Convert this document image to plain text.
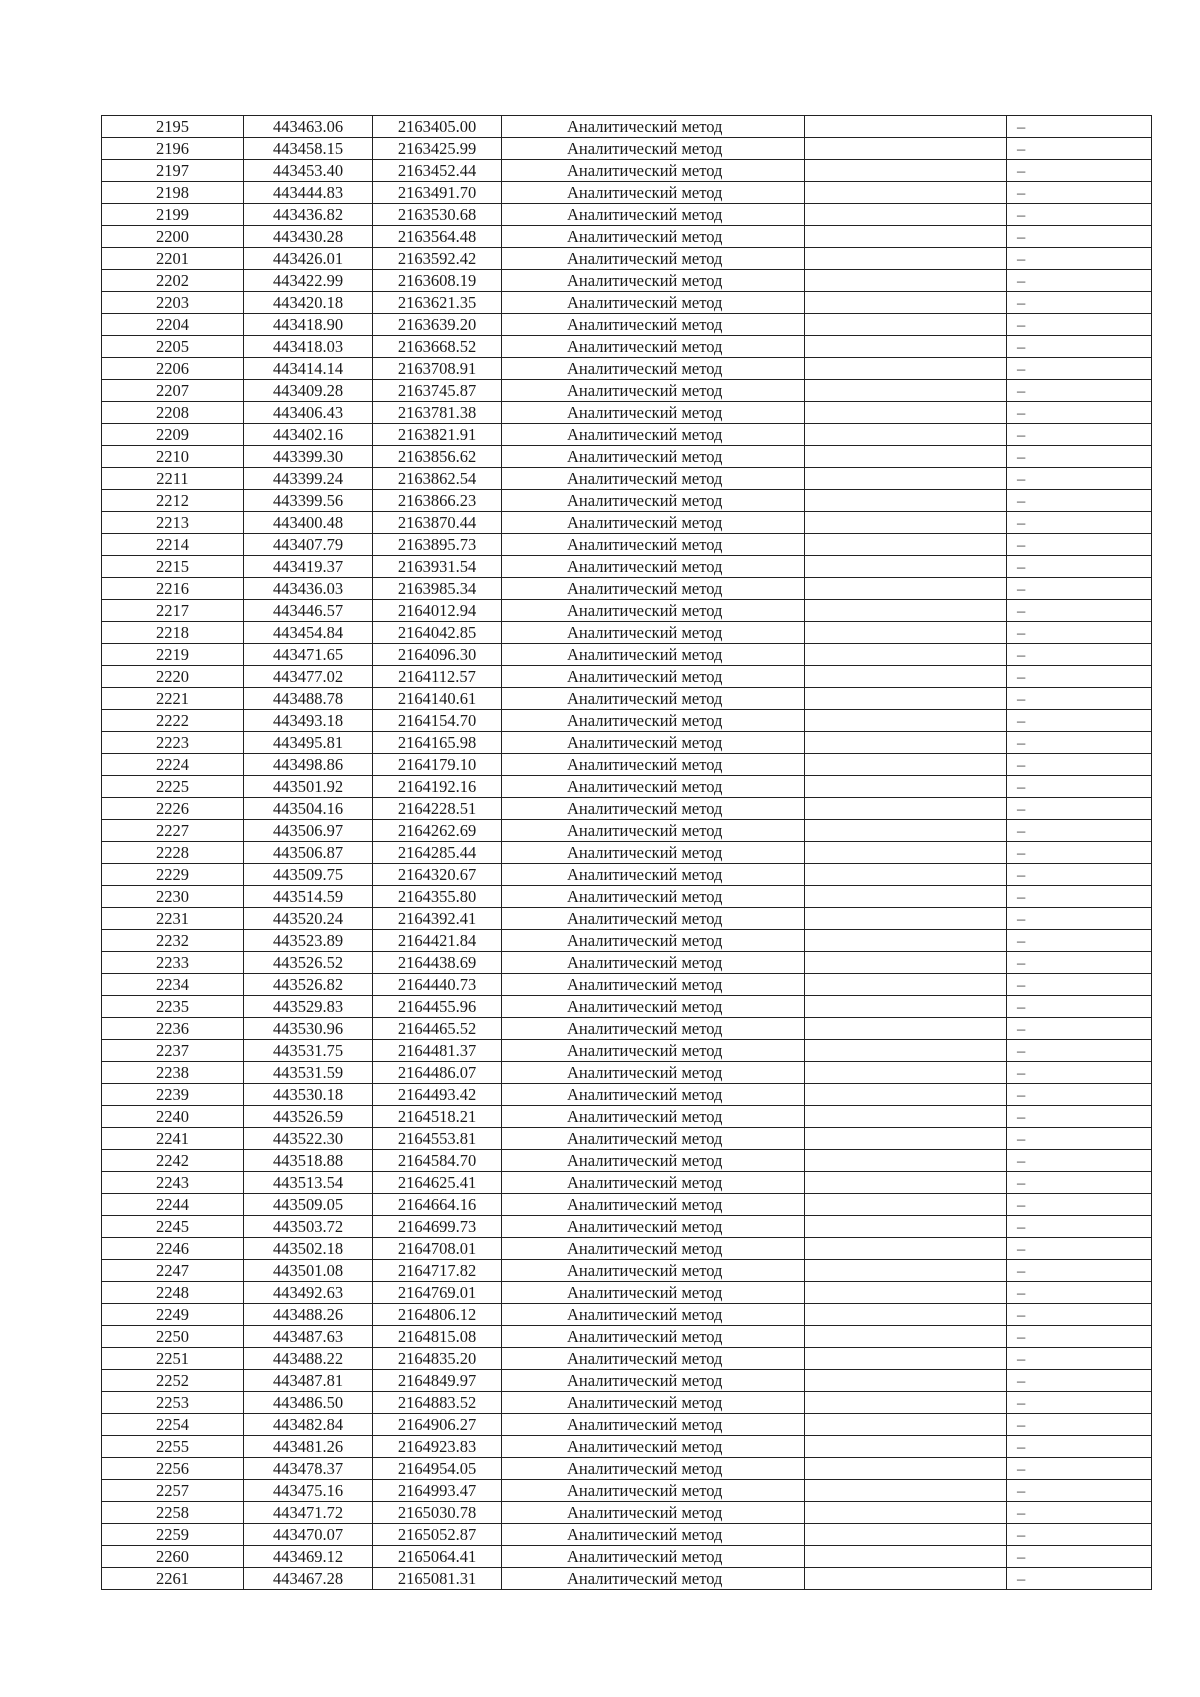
2195	443463.06	2163405.00	Аналитический метод		–
2196	443458.15	2163425.99	Аналитический метод		–
2197	443453.40	2163452.44	Аналитический метод		–
2198	443444.83	2163491.70	Аналитический метод		–
2199	443436.82	2163530.68	Аналитический метод		–
2200	443430.28	2163564.48	Аналитический метод		–
2201	443426.01	2163592.42	Аналитический метод		–
2202	443422.99	2163608.19	Аналитический метод		–
2203	443420.18	2163621.35	Аналитический метод		–
2204	443418.90	2163639.20	Аналитический метод		–
2205	443418.03	2163668.52	Аналитический метод		–
2206	443414.14	2163708.91	Аналитический метод		–
2207	443409.28	2163745.87	Аналитический метод		–
2208	443406.43	2163781.38	Аналитический метод		–
2209	443402.16	2163821.91	Аналитический метод		–
2210	443399.30	2163856.62	Аналитический метод		–
2211	443399.24	2163862.54	Аналитический метод		–
2212	443399.56	2163866.23	Аналитический метод		–
2213	443400.48	2163870.44	Аналитический метод		–
2214	443407.79	2163895.73	Аналитический метод		–
2215	443419.37	2163931.54	Аналитический метод		–
2216	443436.03	2163985.34	Аналитический метод		–
2217	443446.57	2164012.94	Аналитический метод		–
2218	443454.84	2164042.85	Аналитический метод		–
2219	443471.65	2164096.30	Аналитический метод		–
2220	443477.02	2164112.57	Аналитический метод		–
2221	443488.78	2164140.61	Аналитический метод		–
2222	443493.18	2164154.70	Аналитический метод		–
2223	443495.81	2164165.98	Аналитический метод		–
2224	443498.86	2164179.10	Аналитический метод		–
2225	443501.92	2164192.16	Аналитический метод		–
2226	443504.16	2164228.51	Аналитический метод		–
2227	443506.97	2164262.69	Аналитический метод		–
2228	443506.87	2164285.44	Аналитический метод		–
2229	443509.75	2164320.67	Аналитический метод		–
2230	443514.59	2164355.80	Аналитический метод		–
2231	443520.24	2164392.41	Аналитический метод		–
2232	443523.89	2164421.84	Аналитический метод		–
2233	443526.52	2164438.69	Аналитический метод		–
2234	443526.82	2164440.73	Аналитический метод		–
2235	443529.83	2164455.96	Аналитический метод		–
2236	443530.96	2164465.52	Аналитический метод		–
2237	443531.75	2164481.37	Аналитический метод		–
2238	443531.59	2164486.07	Аналитический метод		–
2239	443530.18	2164493.42	Аналитический метод		–
2240	443526.59	2164518.21	Аналитический метод		–
2241	443522.30	2164553.81	Аналитический метод		–
2242	443518.88	2164584.70	Аналитический метод		–
2243	443513.54	2164625.41	Аналитический метод		–
2244	443509.05	2164664.16	Аналитический метод		–
2245	443503.72	2164699.73	Аналитический метод		–
2246	443502.18	2164708.01	Аналитический метод		–
2247	443501.08	2164717.82	Аналитический метод		–
2248	443492.63	2164769.01	Аналитический метод		–
2249	443488.26	2164806.12	Аналитический метод		–
2250	443487.63	2164815.08	Аналитический метод		–
2251	443488.22	2164835.20	Аналитический метод		–
2252	443487.81	2164849.97	Аналитический метод		–
2253	443486.50	2164883.52	Аналитический метод		–
2254	443482.84	2164906.27	Аналитический метод		–
2255	443481.26	2164923.83	Аналитический метод		–
2256	443478.37	2164954.05	Аналитический метод		–
2257	443475.16	2164993.47	Аналитический метод		–
2258	443471.72	2165030.78	Аналитический метод		–
2259	443470.07	2165052.87	Аналитический метод		–
2260	443469.12	2165064.41	Аналитический метод		–
2261	443467.28	2165081.31	Аналитический метод		–
